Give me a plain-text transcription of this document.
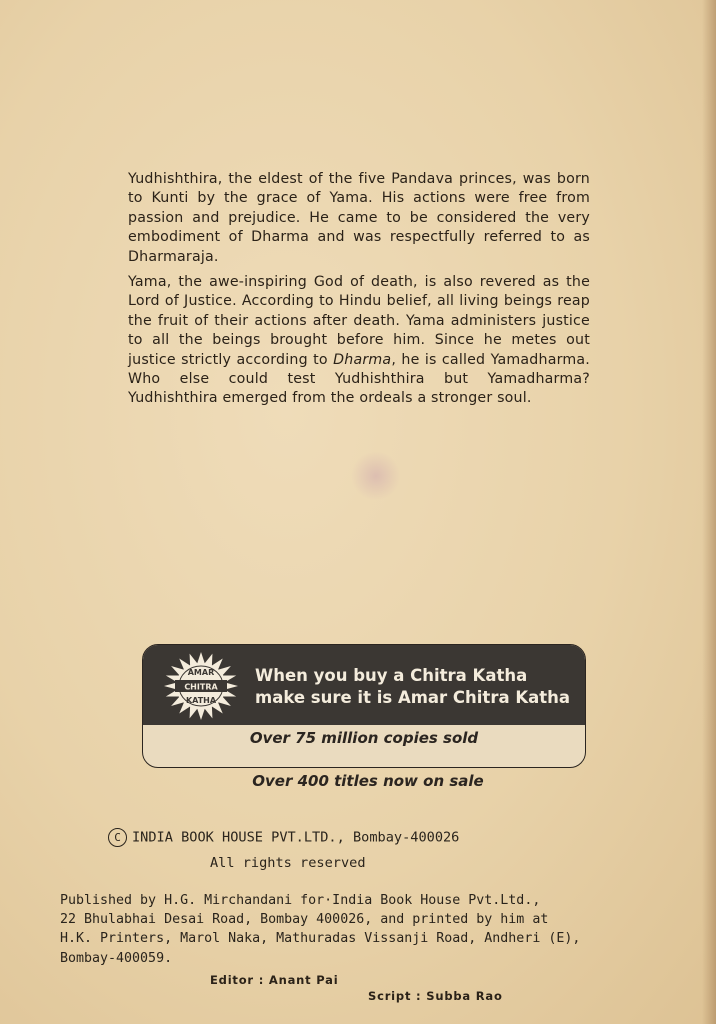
Yudhishthira, the eldest of the five Pandava princes, was born to Kunti by the grace of Yama. His actions were free from passion and prejudice. He came to be considered the very embodiment of Dharma and was respectfully referred to as Dharmaraja.

Yama, the awe-inspiring God of death, is also revered as the Lord of Justice. According to Hindu belief, all living beings reap the fruit of their actions after death. Yama administers justice to all the beings brought before him. Since he metes out justice strictly according to Dharma, he is called Yamadharma. Who else could test Yudhishthira but Yamadharma? Yudhishthira emerged from the ordeals a stronger soul.

AMAR
CHITRA
KATHA
When you buy a Chitra Katha
make sure it is Amar Chitra Katha
Over 75 million copies sold
Over 400 titles now on sale
C INDIA BOOK HOUSE PVT.LTD., Bombay-400026
All rights reserved
Published by H.G. Mirchandani for·India Book House Pvt.Ltd.,
22 Bhulabhai Desai Road, Bombay 400026, and printed by him at
H.K. Printers, Marol Naka, Mathuradas Vissanji Road, Andheri (E),
Bombay-400059.
Editor : Anant Pai
Script : Subba Rao
